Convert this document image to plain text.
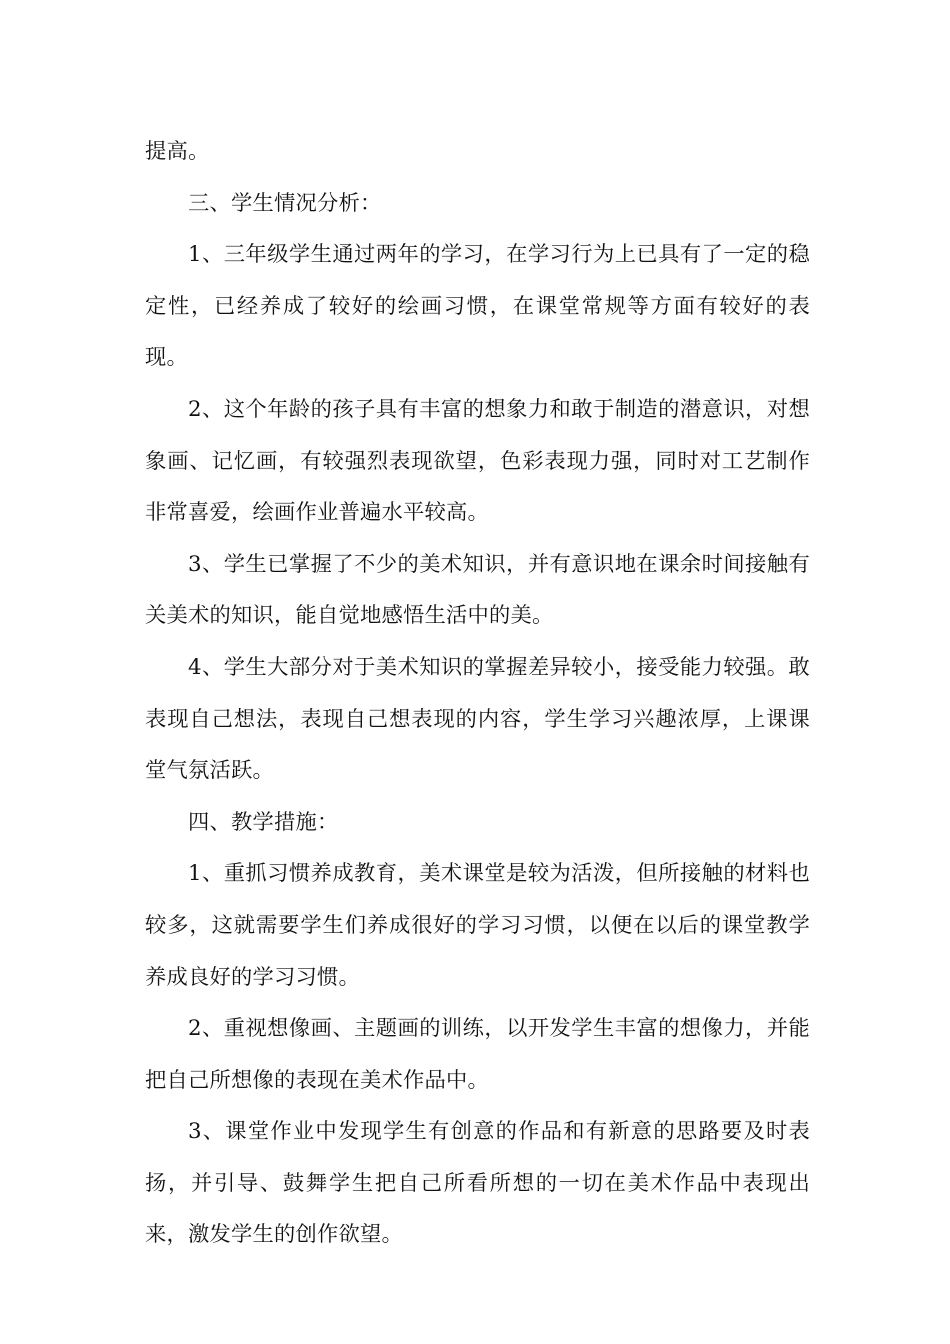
提高。

三、学生情况分析：

1、三年级学生通过两年的学习，在学习行为上已具有了一定的稳定性，已经养成了较好的绘画习惯，在课堂常规等方面有较好的表现。

2、这个年龄的孩子具有丰富的想象力和敢于制造的潜意识，对想象画、记忆画，有较强烈表现欲望，色彩表现力强，同时对工艺制作非常喜爱，绘画作业普遍水平较高。

3、学生已掌握了不少的美术知识，并有意识地在课余时间接触有关美术的知识，能自觉地感悟生活中的美。

4、学生大部分对于美术知识的掌握差异较小，接受能力较强。敢表现自己想法，表现自己想表现的内容，学生学习兴趣浓厚，上课课堂气氛活跃。

四、教学措施：

1、重抓习惯养成教育，美术课堂是较为活泼，但所接触的材料也较多，这就需要学生们养成很好的学习习惯，以便在以后的课堂教学养成良好的学习习惯。

2、重视想像画、主题画的训练，以开发学生丰富的想像力，并能把自己所想像的表现在美术作品中。

3、课堂作业中发现学生有创意的作品和有新意的思路要及时表扬，并引导、鼓舞学生把自己所看所想的一切在美术作品中表现出来，激发学生的创作欲望。
